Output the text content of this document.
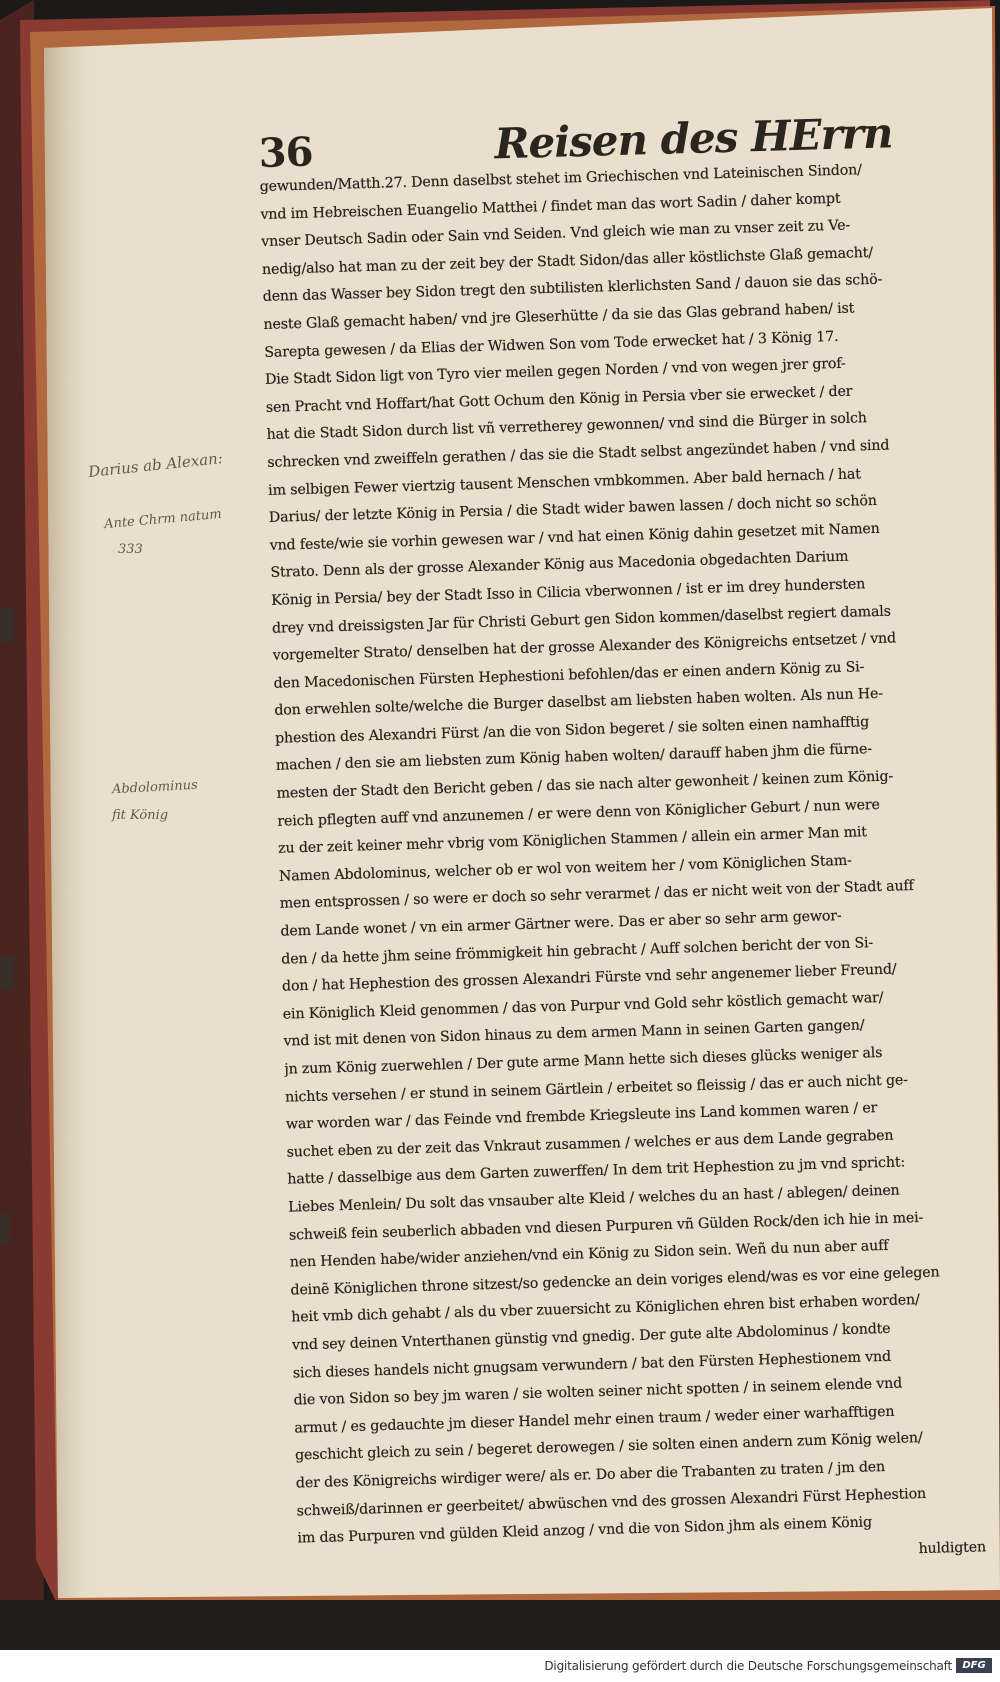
Darius ab Alexan:
Ante Chrm natum
333
Abdolominus
fit König
36	Reisen des HErrn
gewunden/Matth.27. Denn daselbst stehet im Griechischen vnd Lateinischen Sindon/
vnd im Hebreischen Euangelio Matthei / findet man das wort Sadin / daher kompt
vnser Deutsch Sadin oder Sain vnd Seiden. Vnd gleich wie man zu vnser zeit zu Ve-
nedig/also hat man zu der zeit bey der Stadt Sidon/das aller köstlichste Glaß gemacht/
denn das Wasser bey Sidon tregt den subtilisten klerlichsten Sand / dauon sie das schö-
neste Glaß gemacht haben/ vnd jre Gleserhütte / da sie das Glas gebrand haben/ ist
Sarepta gewesen / da Elias der Widwen Son vom Tode erwecket hat / 3 König 17.
Die Stadt Sidon ligt von Tyro vier meilen gegen Norden / vnd von wegen jrer grof-
sen Pracht vnd Hoffart/hat Gott Ochum den König in Persia vber sie erwecket / der
hat die Stadt Sidon durch list vñ verretherey gewonnen/ vnd sind die Bürger in solch
schrecken vnd zweiffeln gerathen / das sie die Stadt selbst angezündet haben / vnd sind
im selbigen Fewer viertzig tausent Menschen vmbkommen. Aber bald hernach / hat
Darius/ der letzte König in Persia / die Stadt wider bawen lassen / doch nicht so schön
vnd feste/wie sie vorhin gewesen war / vnd hat einen König dahin gesetzet mit Namen
Strato. Denn als der grosse Alexander König aus Macedonia obgedachten Darium
König in Persia/ bey der Stadt Isso in Cilicia vberwonnen / ist er im drey hundersten
drey vnd dreissigsten Jar für Christi Geburt gen Sidon kommen/daselbst regiert damals
vorgemelter Strato/ denselben hat der grosse Alexander des Königreichs entsetzet / vnd
den Macedonischen Fürsten Hephestioni befohlen/das er einen andern König zu Si-
don erwehlen solte/welche die Burger daselbst am liebsten haben wolten. Als nun He-
phestion des Alexandri Fürst /an die von Sidon begeret / sie solten einen namhafftig
machen / den sie am liebsten zum König haben wolten/ darauff haben jhm die fürne-
mesten der Stadt den Bericht geben / das sie nach alter gewonheit / keinen zum König-
reich pflegten auff vnd anzunemen / er were denn von Königlicher Geburt / nun were
zu der zeit keiner mehr vbrig vom Königlichen Stammen / allein ein armer Man mit
Namen Abdolominus, welcher ob er wol von weitem her / vom Königlichen Stam-
men entsprossen / so were er doch so sehr verarmet / das er nicht weit von der Stadt auff
dem Lande wonet / vn ein armer Gärtner were. Das er aber so sehr arm gewor-
den / da hette jhm seine frömmigkeit hin gebracht / Auff solchen bericht der von Si-
don / hat Hephestion des grossen Alexandri Fürste vnd sehr angenemer lieber Freund/
ein Königlich Kleid genommen / das von Purpur vnd Gold sehr köstlich gemacht war/
vnd ist mit denen von Sidon hinaus zu dem armen Mann in seinen Garten gangen/
jn zum König zuerwehlen / Der gute arme Mann hette sich dieses glücks weniger als
nichts versehen / er stund in seinem Gärtlein / erbeitet so fleissig / das er auch nicht ge-
war worden war / das Feinde vnd frembde Kriegsleute ins Land kommen waren / er
suchet eben zu der zeit das Vnkraut zusammen / welches er aus dem Lande gegraben
hatte / dasselbige aus dem Garten zuwerffen/ In dem trit Hephestion zu jm vnd spricht:
Liebes Menlein/ Du solt das vnsauber alte Kleid / welches du an hast / ablegen/ deinen
schweiß fein seuberlich abbaden vnd diesen Purpuren vñ Gülden Rock/den ich hie in mei-
nen Henden habe/wider anziehen/vnd ein König zu Sidon sein. Weñ du nun aber auff
deinẽ Königlichen throne sitzest/so gedencke an dein voriges elend/was es vor eine gelegen
heit vmb dich gehabt / als du vber zuuersicht zu Königlichen ehren bist erhaben worden/
vnd sey deinen Vnterthanen günstig vnd gnedig. Der gute alte Abdolominus / kondte
sich dieses handels nicht gnugsam verwundern / bat den Fürsten Hephestionem vnd
die von Sidon so bey jm waren / sie wolten seiner nicht spotten / in seinem elende vnd
armut / es gedauchte jm dieser Handel mehr einen traum / weder einer warhafftigen
geschicht gleich zu sein / begeret derowegen / sie solten einen andern zum König welen/
der des Königreichs wirdiger were/ als er. Do aber die Trabanten zu traten / jm den
schweiß/darinnen er geerbeitet/ abwüschen vnd des grossen Alexandri Fürst Hephestion
im das Purpuren vnd gülden Kleid anzog / vnd die von Sidon jhm als einem König
huldigten
Digitalisierung gefördert durch die Deutsche Forschungsgemeinschaft	DFG
